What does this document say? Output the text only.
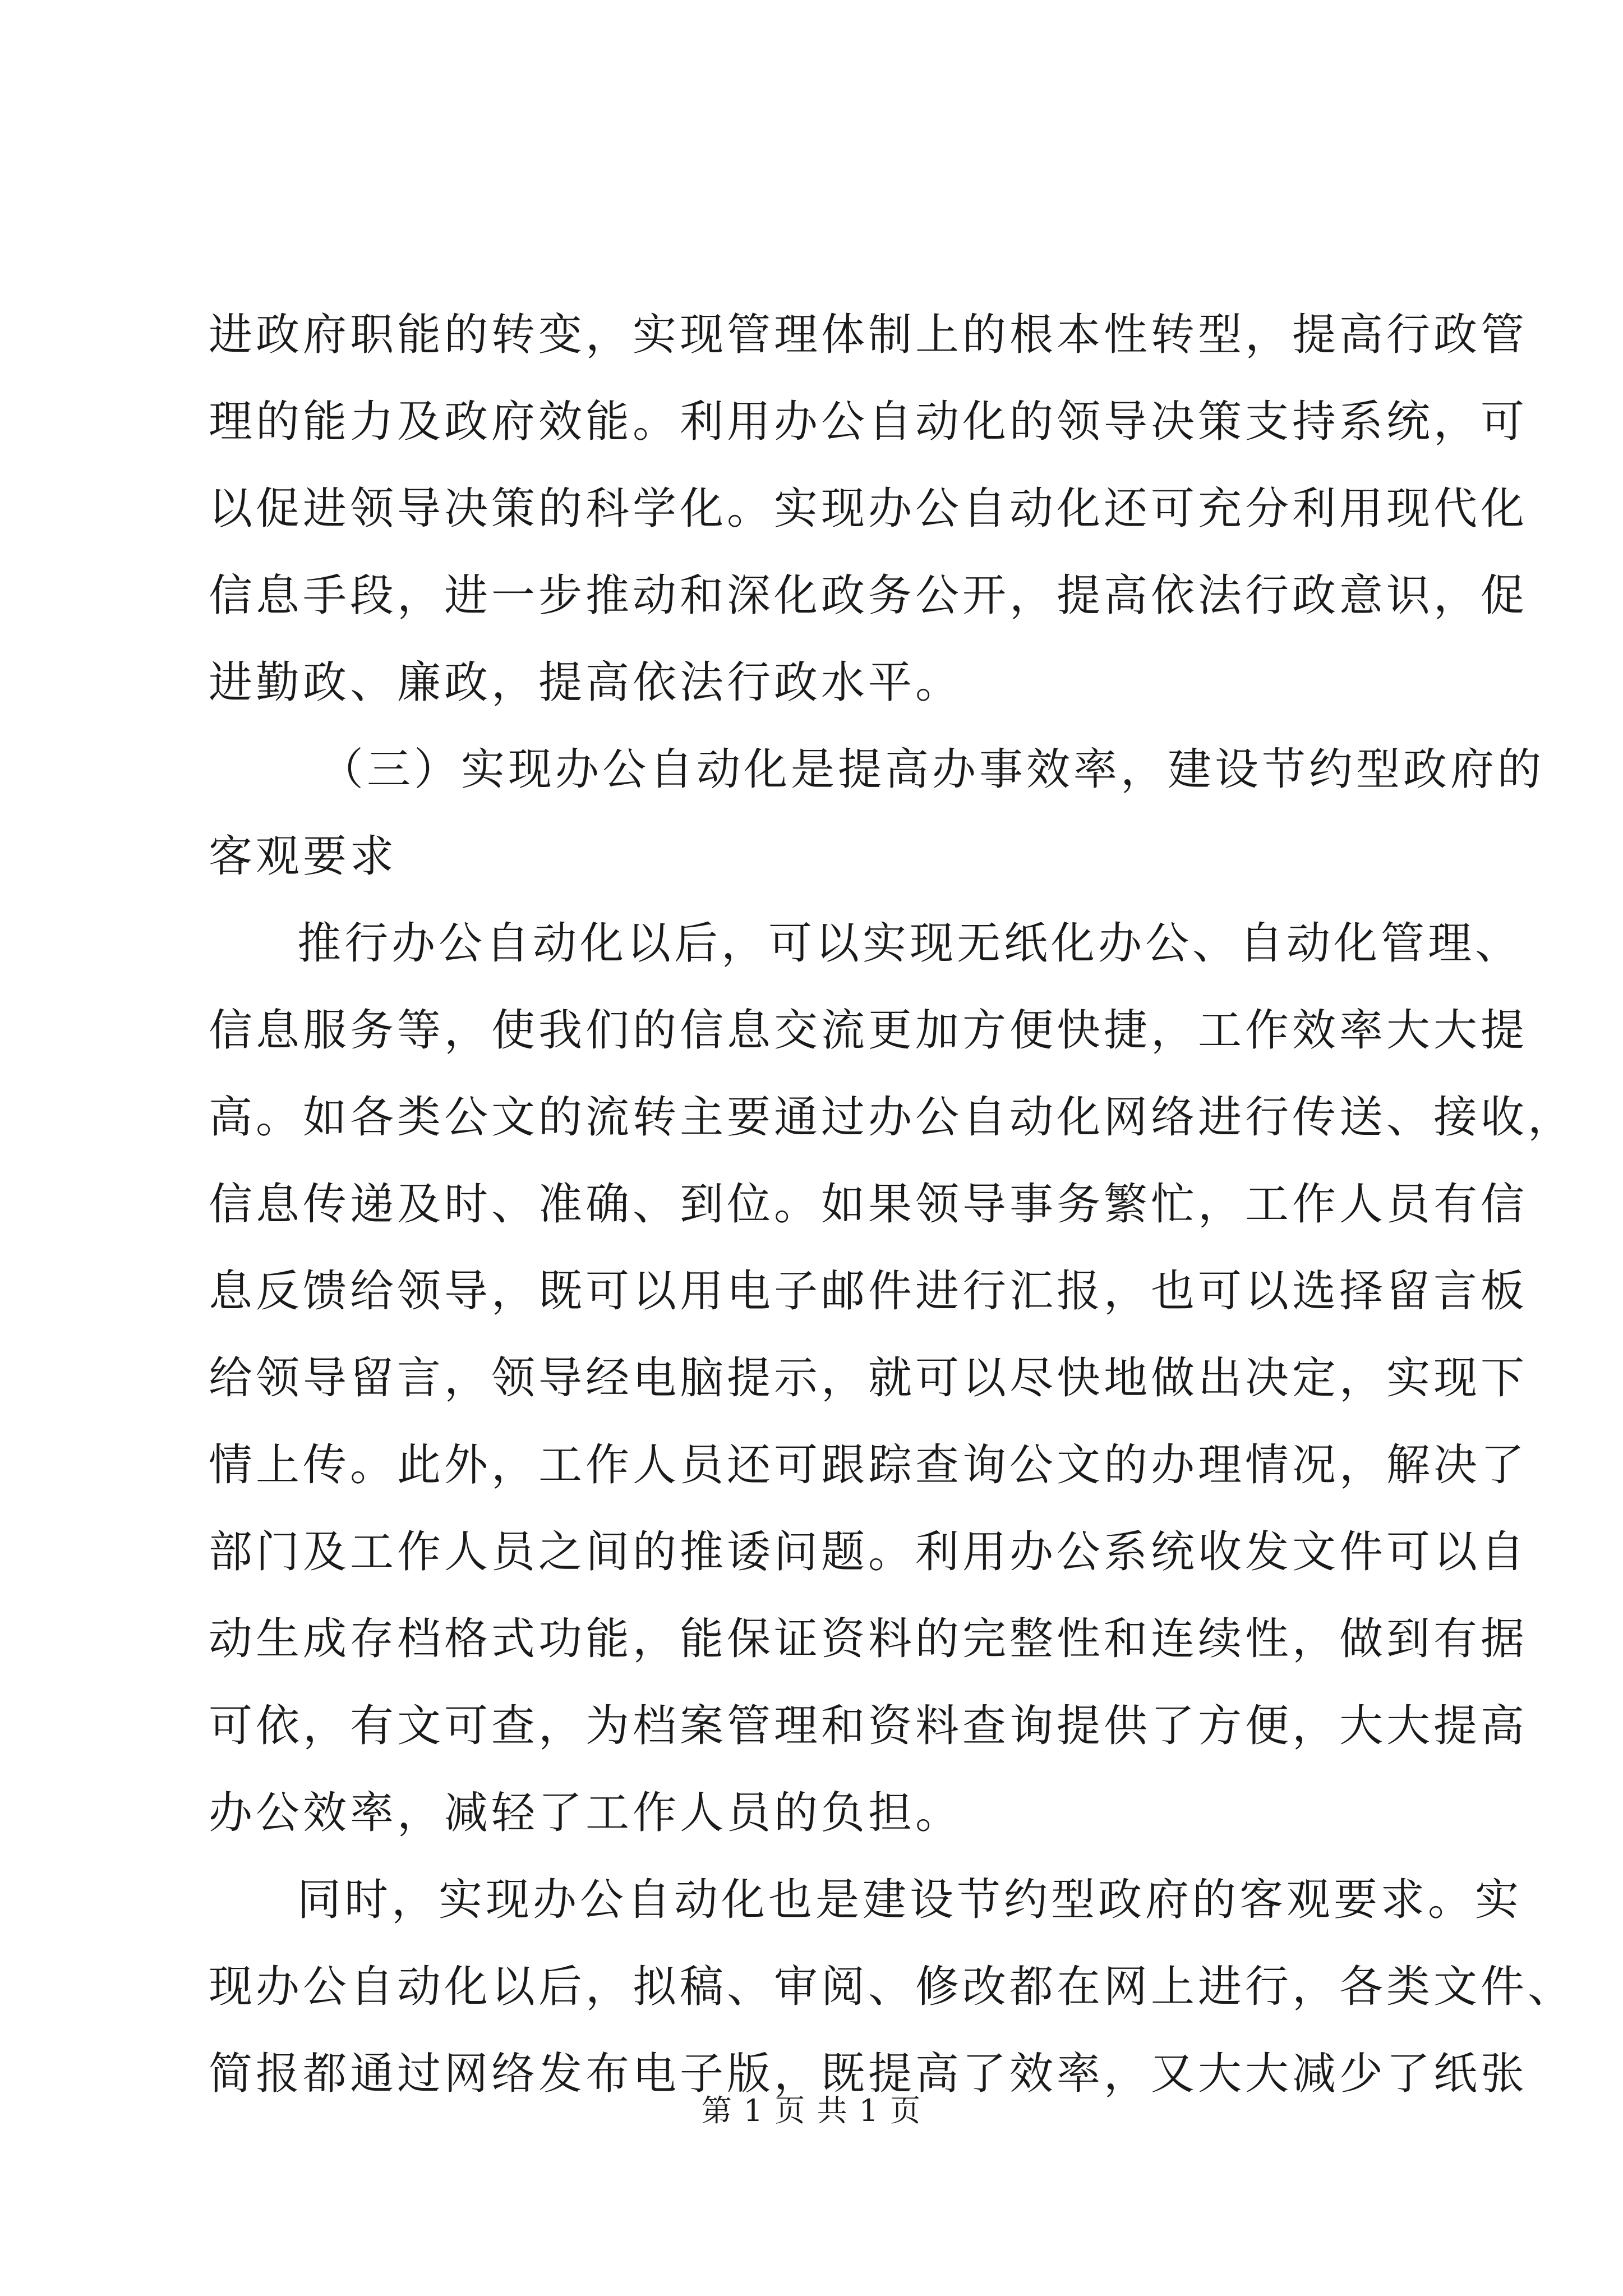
进政府职能的转变，实现管理体制上的根本性转型，提高行政管
理的能力及政府效能。利用办公自动化的领导决策支持系统，可
以促进领导决策的科学化。实现办公自动化还可充分利用现代化
信息手段，进一步推动和深化政务公开，提高依法行政意识，促
进勤政、廉政，提高依法行政水平。
（三）实现办公自动化是提高办事效率，建设节约型政府的
客观要求
推行办公自动化以后，可以实现无纸化办公、自动化管理、
信息服务等，使我们的信息交流更加方便快捷，工作效率大大提
高。如各类公文的流转主要通过办公自动化网络进行传送、接收，
信息传递及时、准确、到位。如果领导事务繁忙，工作人员有信
息反馈给领导，既可以用电子邮件进行汇报，也可以选择留言板
给领导留言，领导经电脑提示，就可以尽快地做出决定，实现下
情上传。此外，工作人员还可跟踪查询公文的办理情况，解决了
部门及工作人员之间的推诿问题。利用办公系统收发文件可以自
动生成存档格式功能，能保证资料的完整性和连续性，做到有据
可依，有文可查，为档案管理和资料查询提供了方便，大大提高
办公效率，减轻了工作人员的负担。
同时，实现办公自动化也是建设节约型政府的客观要求。实
现办公自动化以后，拟稿、审阅、修改都在网上进行，各类文件、
简报都通过网络发布电子版，既提高了效率，又大大减少了纸张
第 1 页 共 1 页
